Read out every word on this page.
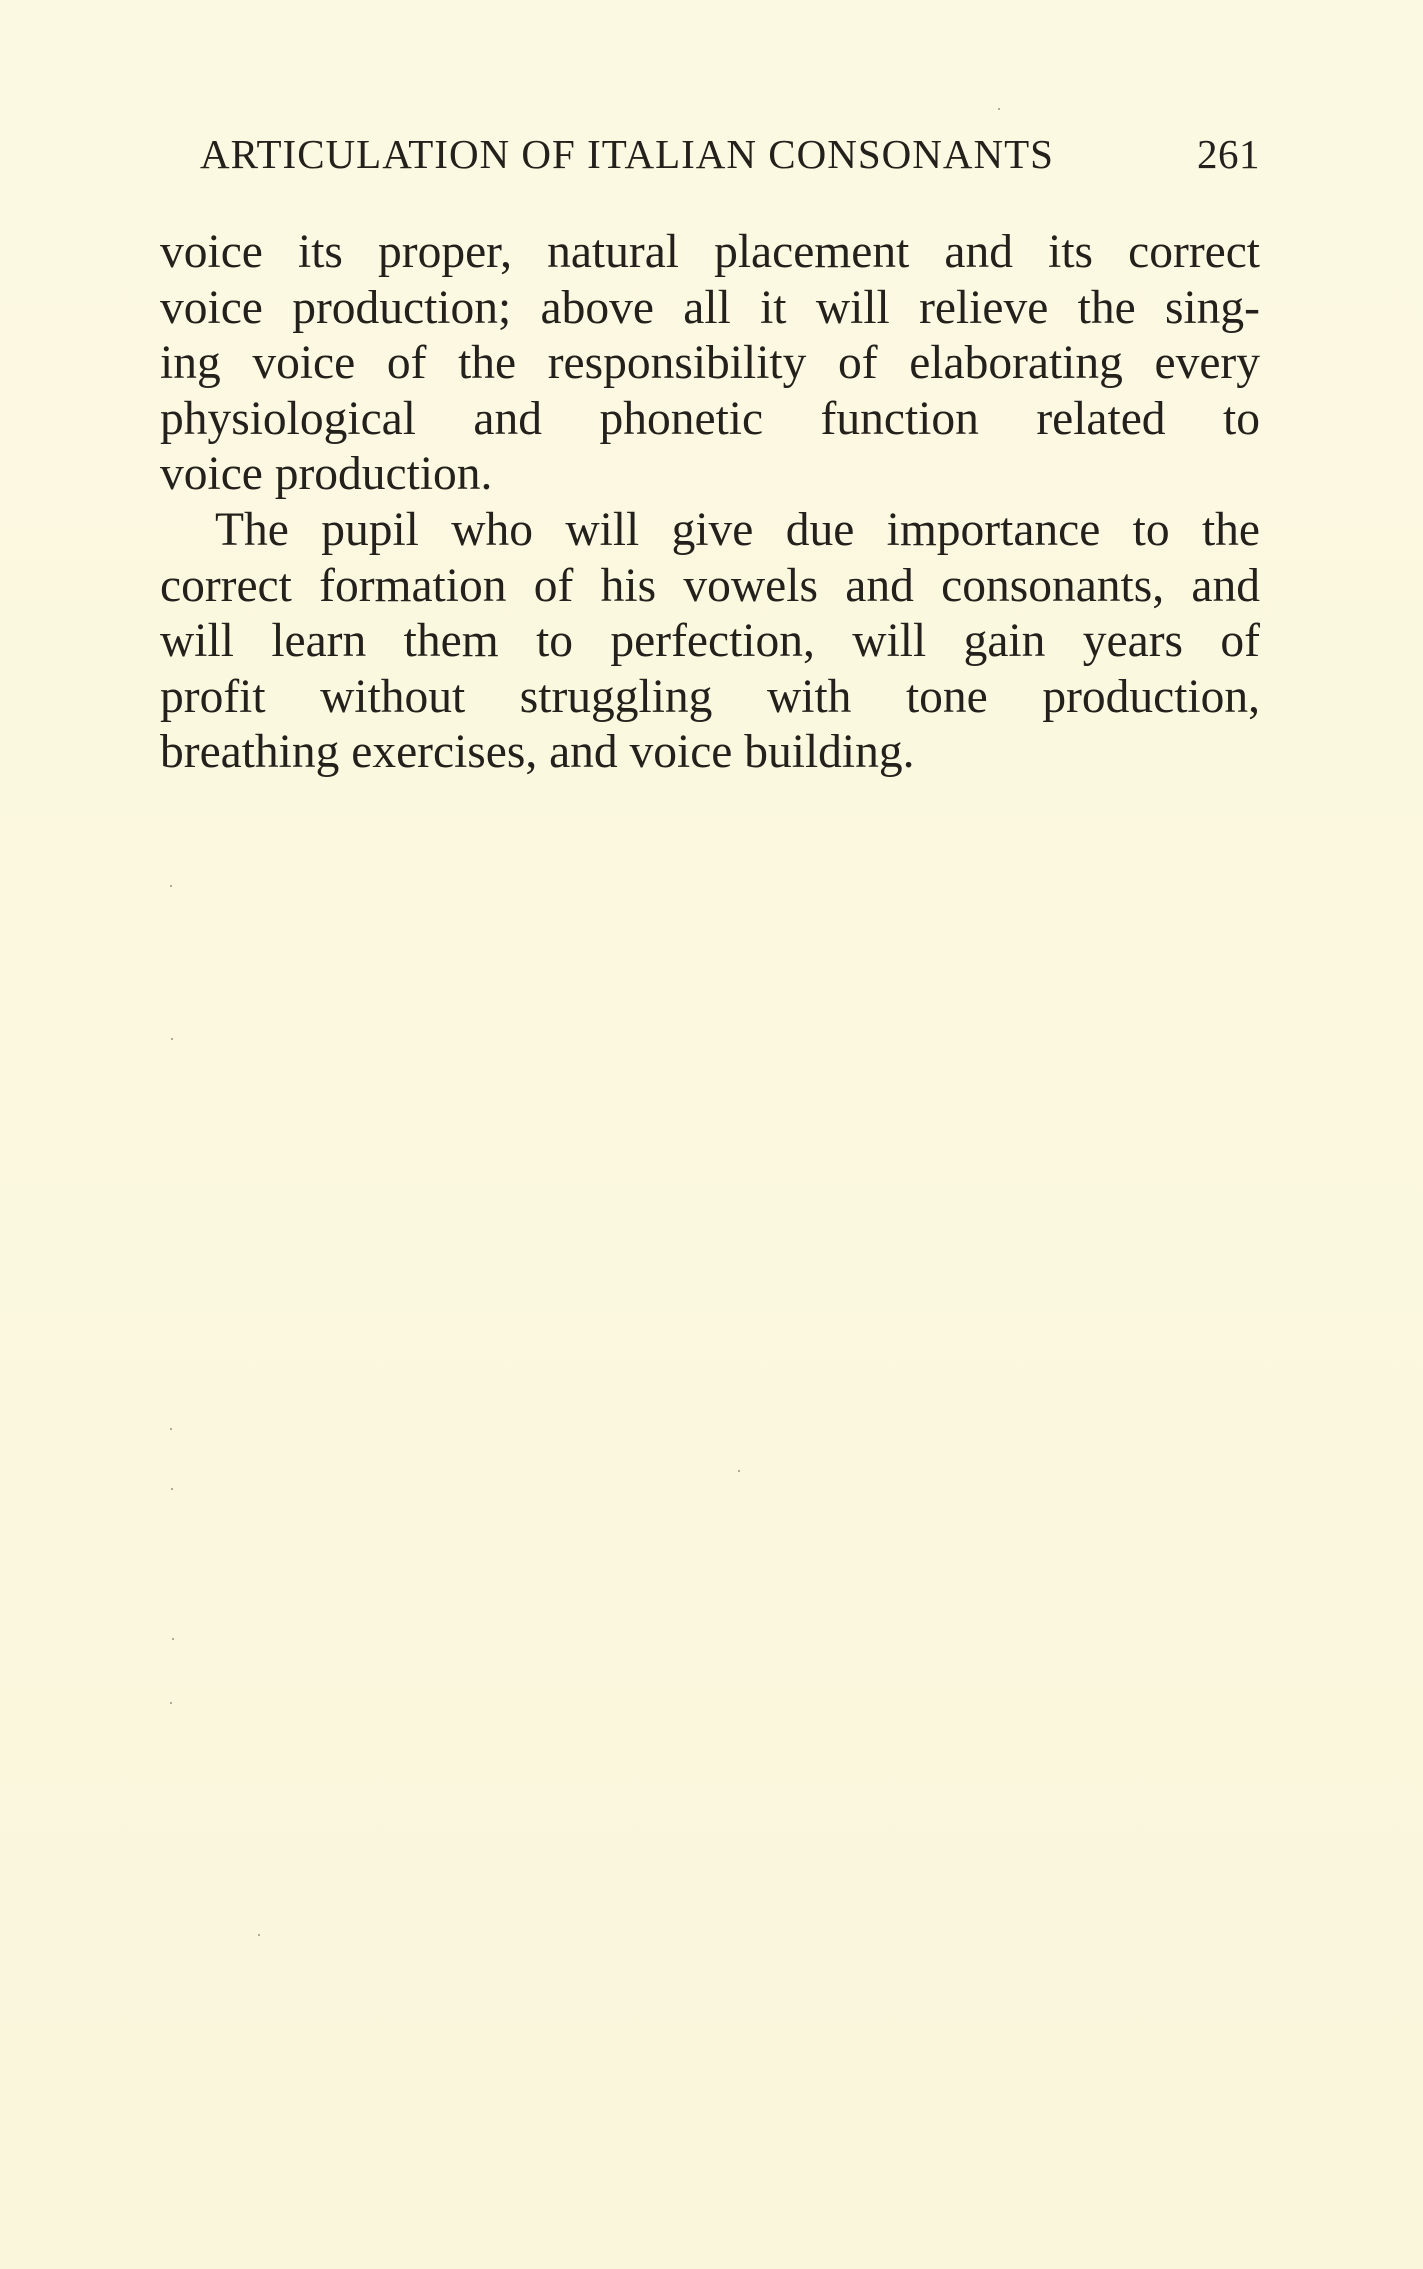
ARTICULATION OF ITALIAN CONSONANTS	261

voice its proper, natural placement and its correct
voice production; above all it will relieve the sing-
ing voice of the responsibility of elaborating every
physiological and phonetic function related to
voice production.

The pupil who will give due importance to the
correct formation of his vowels and consonants, and
will learn them to perfection, will gain years of
profit without struggling with tone production,
breathing exercises, and voice building.
